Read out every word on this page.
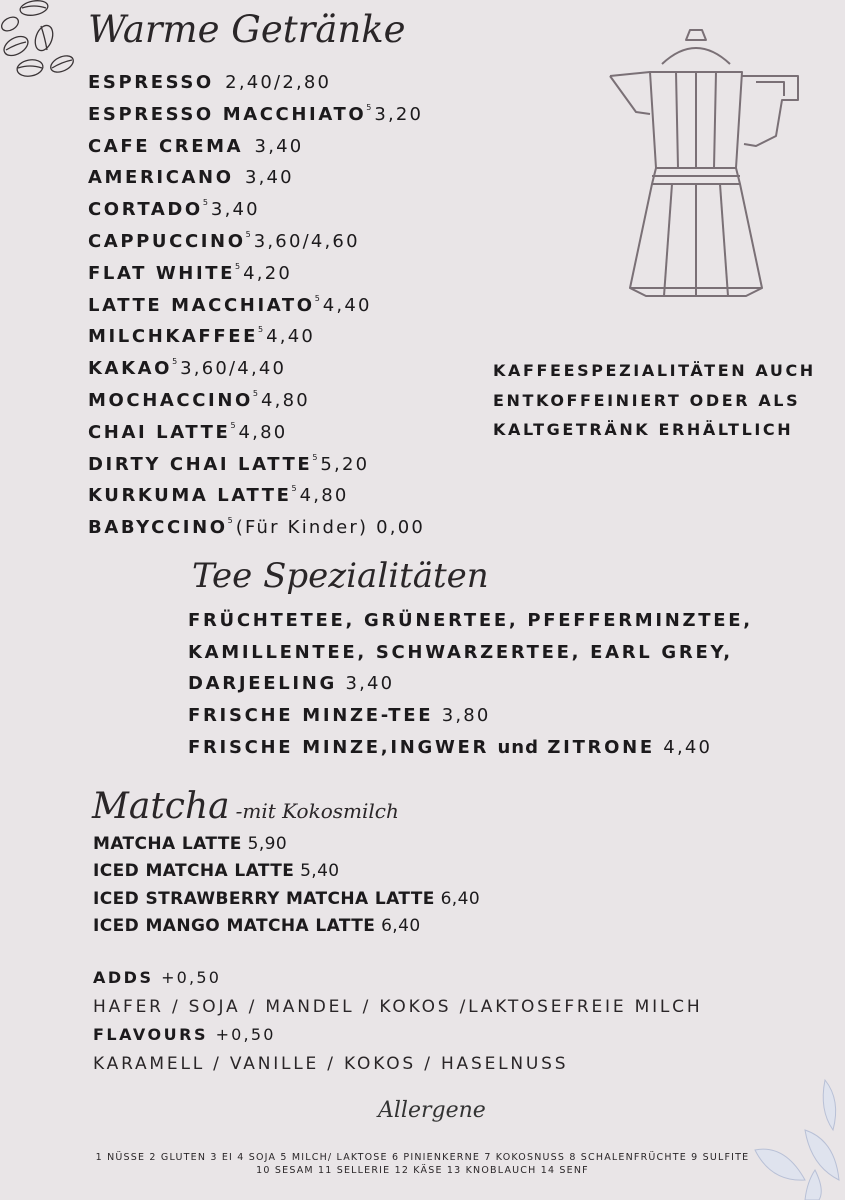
Warme Getränke
ESPRESSO 2,40/2,80
ESPRESSO MACCHIATO$^5$ 3,20
CAFE CREMA 3,40
AMERICANO 3,40
CORTADO$^5$ 3,40
CAPPUCCINO$^5$ 3,60/4,60
FLAT WHITE$^5$ 4,20
LATTE MACCHIATO$^5$ 4,40
MILCHKAFFEE$^5$ 4,40
KAKAO$^5$ 3,60/4,40
MOCHACCINO$^5$ 4,80
CHAI LATTE$^5$ 4,80
DIRTY CHAI LATTE$^5$ 5,20
KURKUMA LATTE$^5$ 4,80
BABYCCINO$^5$ (Für Kinder) 0,00
KAFFEESPEZIALITÄTEN AUCH
ENTKOFFEINIERT ODER ALS
KALTGETRÄNK ERHÄLTLICH
Tee Spezialitäten
FRÜCHTETEE, GRÜNERTEE, PFEFFERMINZTEE,
KAMILLENTEE, SCHWARZERTEE, EARL GREY,
DARJEELING 3,40
FRISCHE MINZE-TEE 3,80
FRISCHE MINZE,INGWER und ZITRONE 4,40
Matcha -mit Kokosmilch
MATCHA LATTE 5,90
ICED MATCHA LATTE 5,40
ICED STRAWBERRY MATCHA LATTE 6,40
ICED MANGO MATCHA LATTE 6,40
ADDS +0,50
HAFER / SOJA / MANDEL / KOKOS /LAKTOSEFREIE MILCH
FLAVOURS +0,50
KARAMELL / VANILLE / KOKOS / HASELNUSS
Allergene
1 NÜSSE 2 GLUTEN 3 EI 4 SOJA 5 MILCH/ LAKTOSE 6 PINIENKERNE 7 KOKOSNUSS 8 SCHALENFRÜCHTE 9 SULFITE
10 SESAM 11 SELLERIE 12 KÄSE 13 KNOBLAUCH 14 SENF
